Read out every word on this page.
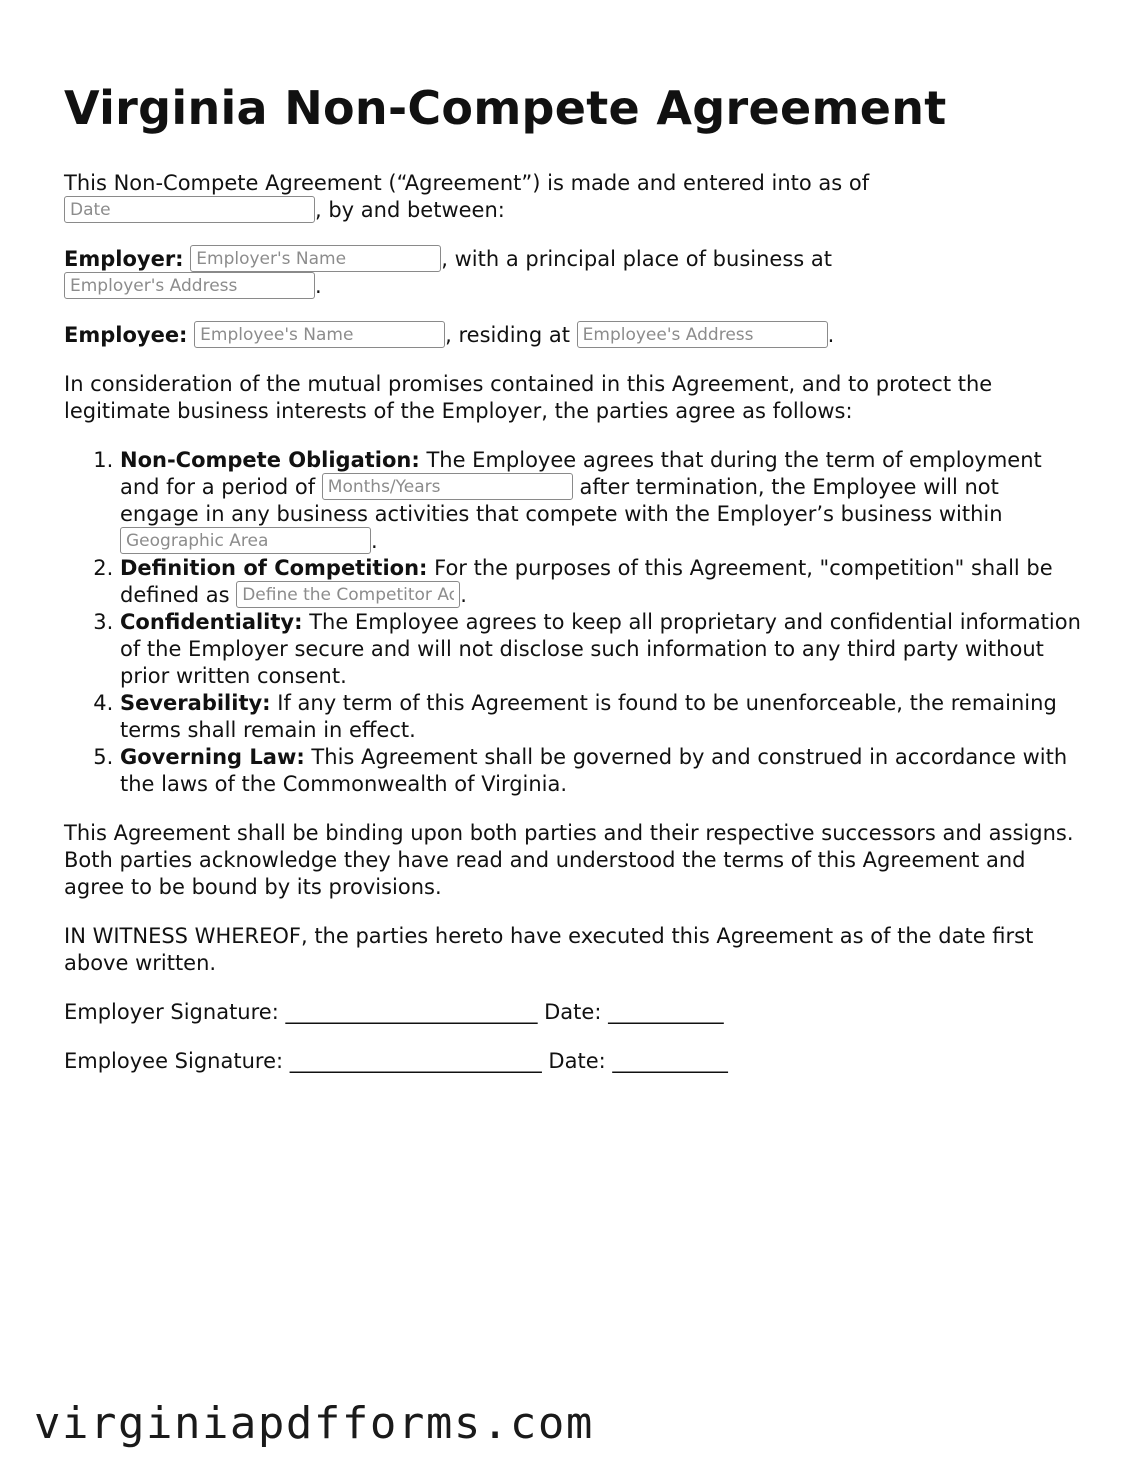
Virginia Non-Compete Agreement

This Non-Compete Agreement (“Agreement”) is made and entered into as of
Date, by and between:

Employer: Employer's Name	, with a principal place of business at
Employer's Address.

Employee: Employee's Name	, residing at Employee's Address	.

In consideration of the mutual promises contained in this Agreement, and to protect the legitimate business interests of the Employer, the parties agree as follows:

1. Non-Compete Obligation: The Employee agrees that during the term of employment and for a period of Months/Years	after termination, the Employee will not engage in any business activities that compete with the Employer’s business within Geographic Area.
2. Definition of Competition: For the purposes of this Agreement, "competition" shall be defined as Define the Competitor Activities	.
3. Confidentiality: The Employee agrees to keep all proprietary and confidential information of the Employer secure and will not disclose such information to any third party without prior written consent.
4. Severability: If any term of this Agreement is found to be unenforceable, the remaining terms shall remain in effect.
5. Governing Law: This Agreement shall be governed by and construed in accordance with the laws of the Commonwealth of Virginia.

This Agreement shall be binding upon both parties and their respective successors and assigns. Both parties acknowledge they have read and understood the terms of this Agreement and agree to be bound by its provisions.

IN WITNESS WHEREOF, the parties hereto have executed this Agreement as of the date first above written.

Employer Signature: ________________________ Date: ___________

Employee Signature: ________________________ Date: ___________

virginiapdfforms.com
